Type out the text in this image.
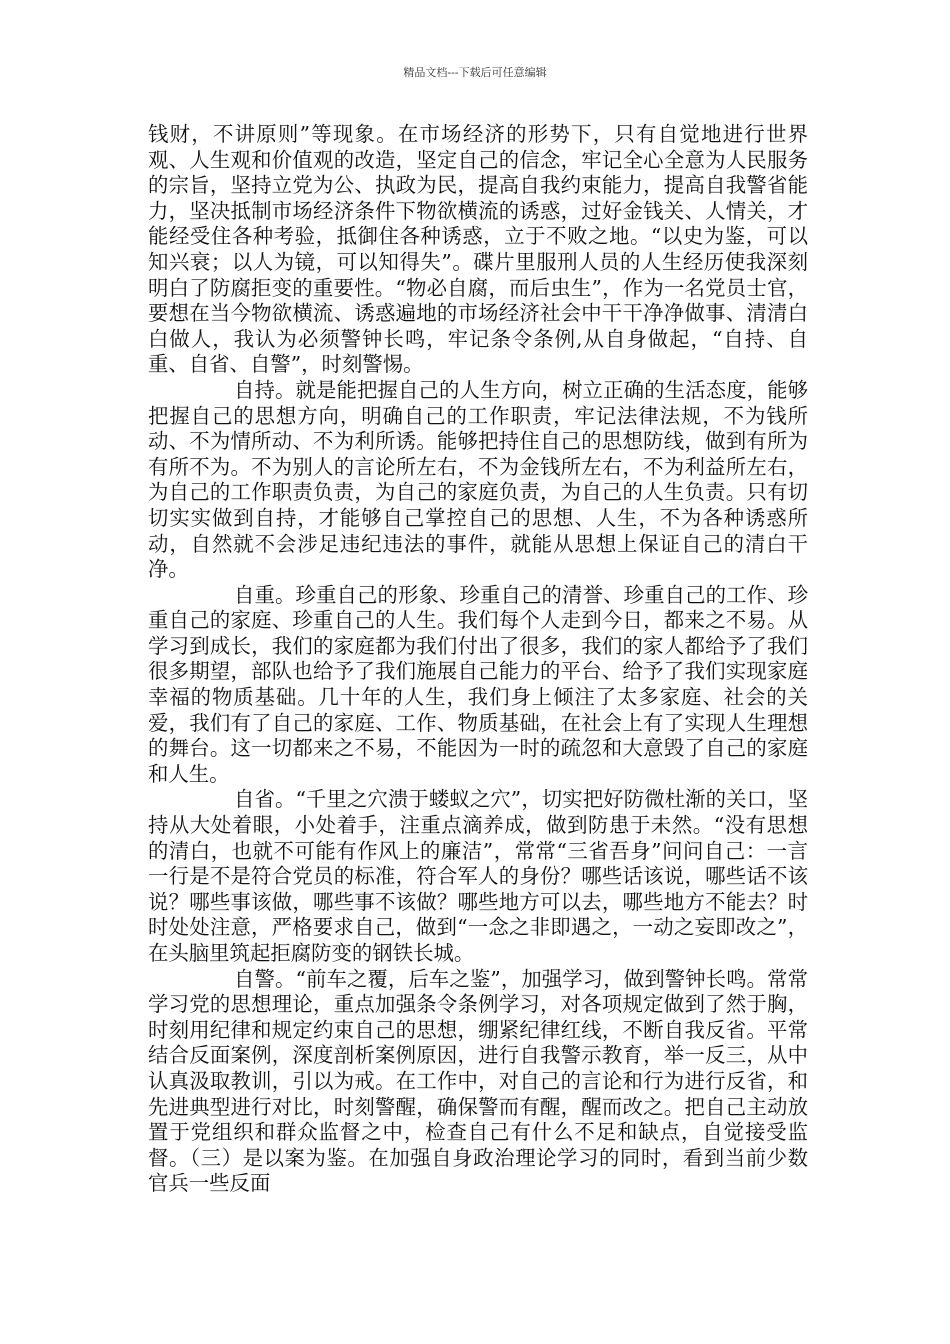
精品文档---下载后可任意编辑

钱财，不讲原则”等现象。在市场经济的形势下，只有自觉地进行世界观、人生观和价值观的改造，坚定自己的信念，牢记全心全意为人民服务的宗旨，坚持立党为公、执政为民，提高自我约束能力，提高自我警省能力，坚决抵制市场经济条件下物欲横流的诱惑，过好金钱关、人情关，才能经受住各种考验，抵御住各种诱惑，立于不败之地。“以史为鉴，可以知兴衰；以人为镜，可以知得失”。碟片里服刑人员的人生经历使我深刻明白了防腐拒变的重要性。“物必自腐，而后虫生”，作为一名党员士官，要想在当今物欲横流、诱惑遍地的市场经济社会中干干净净做事、清清白白做人，我认为必须警钟长鸣，牢记条令条例,从自身做起，“自持、自重、自省、自警”，时刻警惕。

自持。就是能把握自己的人生方向，树立正确的生活态度，能够把握自己的思想方向，明确自己的工作职责，牢记法律法规，不为钱所动、不为情所动、不为利所诱。能够把持住自己的思想防线，做到有所为有所不为。不为别人的言论所左右，不为金钱所左右，不为利益所左右，为自己的工作职责负责，为自己的家庭负责，为自己的人生负责。只有切切实实做到自持，才能够自己掌控自己的思想、人生，不为各种诱惑所动，自然就不会涉足违纪违法的事件，就能从思想上保证自己的清白干净。

自重。珍重自己的形象、珍重自己的清誉、珍重自己的工作、珍重自己的家庭、珍重自己的人生。我们每个人走到今日，都来之不易。从学习到成长，我们的家庭都为我们付出了很多，我们的家人都给予了我们很多期望，部队也给予了我们施展自己能力的平台、给予了我们实现家庭幸福的物质基础。几十年的人生，我们身上倾注了太多家庭、社会的关爱，我们有了自己的家庭、工作、物质基础，在社会上有了实现人生理想的舞台。这一切都来之不易，不能因为一时的疏忽和大意毁了自己的家庭和人生。

自省。“千里之穴溃于蝼蚁之穴”，切实把好防微杜渐的关口，坚持从大处着眼，小处着手，注重点滴养成，做到防患于未然。“没有思想的清白，也就不可能有作风上的廉洁”，常常“三省吾身”问问自己：一言一行是不是符合党员的标准，符合军人的身份？哪些话该说，哪些话不该说？哪些事该做，哪些事不该做？哪些地方可以去，哪些地方不能去？时时处处注意，严格要求自己，做到“一念之非即遇之，一动之妄即改之”，在头脑里筑起拒腐防变的钢铁长城。

自警。“前车之覆，后车之鉴”，加强学习，做到警钟长鸣。常常学习党的思想理论，重点加强条令条例学习，对各项规定做到了然于胸，时刻用纪律和规定约束自己的思想，绷紧纪律红线，不断自我反省。平常结合反面案例，深度剖析案例原因，进行自我警示教育，举一反三，从中认真汲取教训，引以为戒。在工作中，对自己的言论和行为进行反省，和先进典型进行对比，时刻警醒，确保警而有醒，醒而改之。把自己主动放置于党组织和群众监督之中，检查自己有什么不足和缺点，自觉接受监督。（三）是以案为鉴。在加强自身政治理论学习的同时，看到当前少数官兵一些反面
